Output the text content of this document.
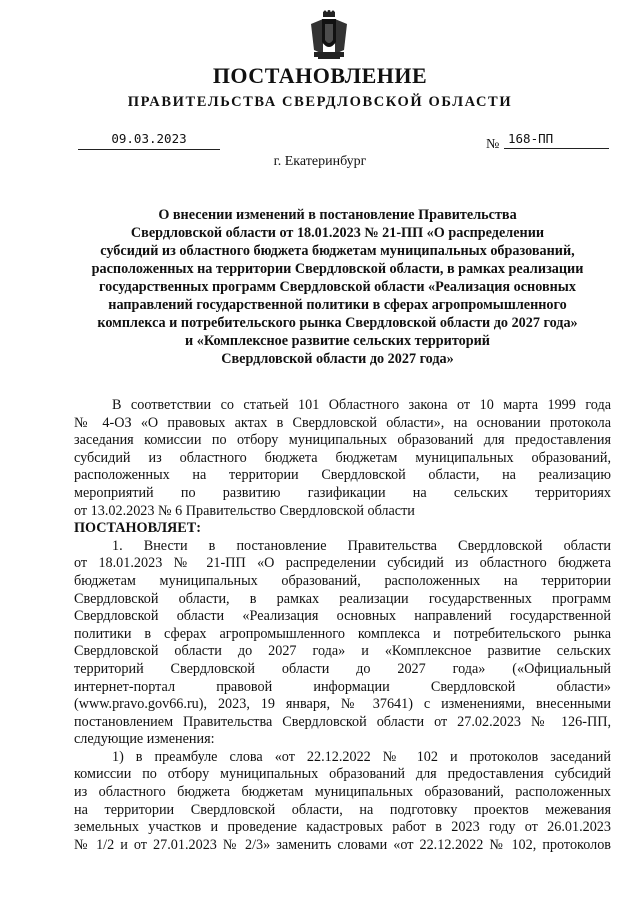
ПОСТАНОВЛЕНИЕ
ПРАВИТЕЛЬСТВА СВЕРДЛОВСКОЙ ОБЛАСТИ
09.03.2023	№ 168-ПП
г. Екатеринбург
О внесении изменений в постановление Правительства
Свердловской области от 18.01.2023 № 21-ПП «О распределении
субсидий из областного бюджета бюджетам муниципальных образований,
расположенных на территории Свердловской области, в рамках реализации
государственных программ Свердловской области «Реализация основных
направлений государственной политики в сферах агропромышленного
комплекса и потребительского рынка Свердловской области до 2027 года»
и «Комплексное развитие сельских территорий
Свердловской области до 2027 года»
В соответствии со статьей 101 Областного закона от 10 марта 1999 года
№ 4-ОЗ «О правовых актах в Свердловской области», на основании протокола
заседания комиссии по отбору муниципальных образований для предоставления
субсидий из областного бюджета бюджетам муниципальных образований,
расположенных на территории Свердловской области, на реализацию
мероприятий по развитию газификации на сельских территориях
от 13.02.2023 № 6 Правительство Свердловской области
ПОСТАНОВЛЯЕТ:
1. Внести в постановление Правительства Свердловской области
от 18.01.2023 № 21-ПП «О распределении субсидий из областного бюджета
бюджетам муниципальных образований, расположенных на территории
Свердловской области, в рамках реализации государственных программ
Свердловской области «Реализация основных направлений государственной
политики в сферах агропромышленного комплекса и потребительского рынка
Свердловской области до 2027 года» и «Комплексное развитие сельских
территорий Свердловской области до 2027 года» («Официальный
интернет-портал правовой информации Свердловской области»
(www.pravo.gov66.ru), 2023, 19 января, № 37641) с изменениями, внесенными
постановлением Правительства Свердловской области от 27.02.2023 № 126-ПП,
следующие изменения:
1) в преамбуле слова «от 22.12.2022 № 102 и протоколов заседаний
комиссии по отбору муниципальных образований для предоставления субсидий
из областного бюджета бюджетам муниципальных образований, расположенных
на территории Свердловской области, на подготовку проектов межевания
земельных участков и проведение кадастровых работ в 2023 году от 26.01.2023
№ 1/2 и от 27.01.2023 № 2/3» заменить словами «от 22.12.2022 № 102, протоколов
